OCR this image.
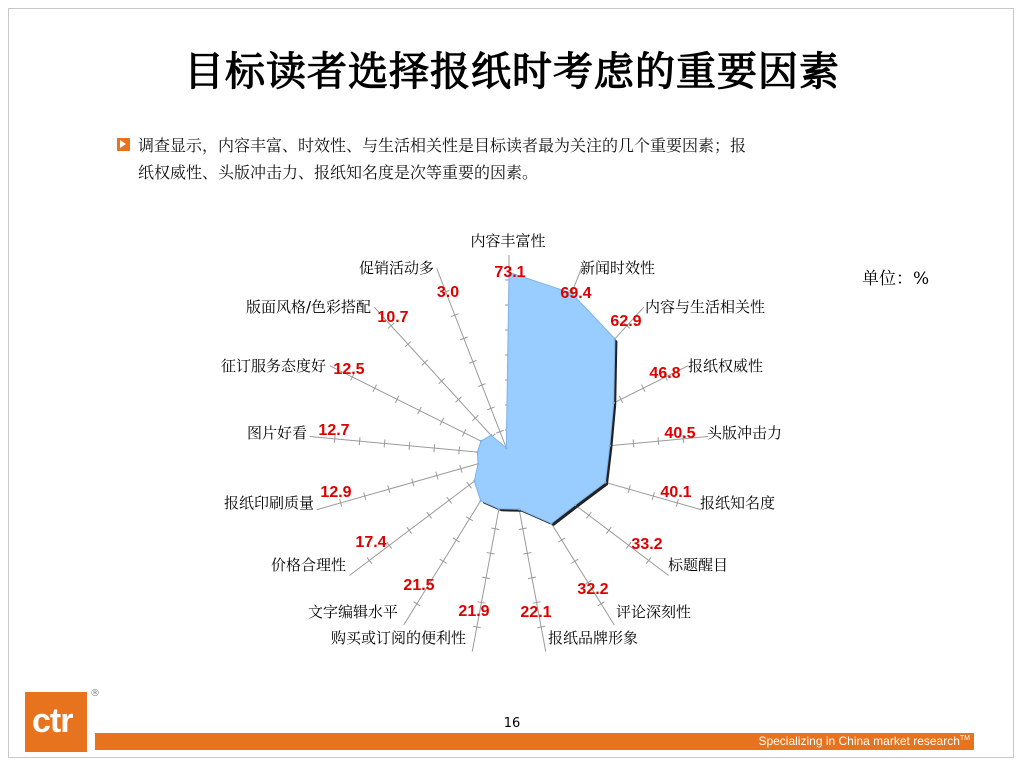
目标读者选择报纸时考虑的重要因素
调查显示，内容丰富、时效性、与生活相关性是目标读者最为关注的几个重要因素；报
纸权威性、头版冲击力、报纸知名度是次等重要的因素。
单位：%
内容丰富性
新闻时效性
内容与生活相关性
报纸权威性
头版冲击力
报纸知名度
标题醒目
评论深刻性
报纸品牌形象
购买或订阅的便利性
文字编辑水平
价格合理性
报纸印刷质量
图片好看
征订服务态度好
版面风格/色彩搭配
促销活动多	73.1
69.4
62.9
46.8
40.5
40.1
33.2
32.2
22.1
21.9
21.5
17.4
12.9
12.7
12.5
10.7
3.0
16
ctr
®
Specializing in China market research™
